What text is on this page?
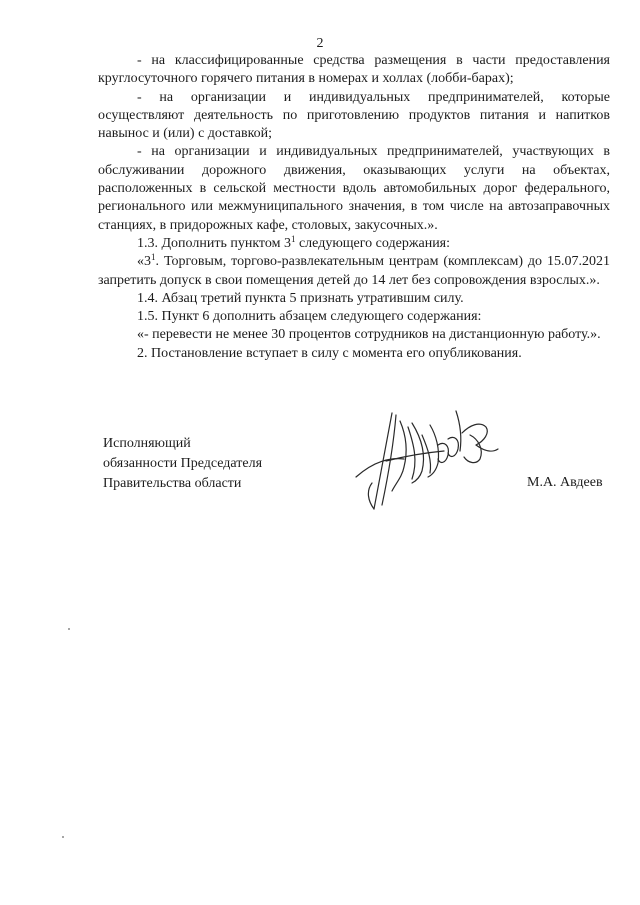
2

- на классифицированные средства размещения в части предоставления круглосуточного горячего питания в номерах и холлах (лобби-барах);

- на организации и индивидуальных предпринимателей, которые осуществляют деятельность по приготовлению продуктов питания и напитков навынос и (или) с доставкой;

- на организации и индивидуальных предпринимателей, участвующих в обслуживании дорожного движения, оказывающих услуги на объектах, расположенных в сельской местности вдоль автомобильных дорог федерального, регионального или межмуниципального значения, в том числе на автозаправочных станциях, в придорожных кафе, столовых, закусочных.».

1.3. Дополнить пунктом $3^1$ следующего содержания:

«$3^1$. Торговым, торгово-развлекательным центрам (комплексам) до 15.07.2021 запретить допуск в свои помещения детей до 14 лет без сопровождения взрослых.».

1.4. Абзац третий пункта 5 признать утратившим силу.

1.5. Пункт 6 дополнить абзацем следующего содержания:

«- перевести не менее 30 процентов сотрудников на дистанционную работу.».

2. Постановление вступает в силу с момента его опубликования.

Исполняющий
обязанности Председателя
Правительства области	М.А. Авдеев
